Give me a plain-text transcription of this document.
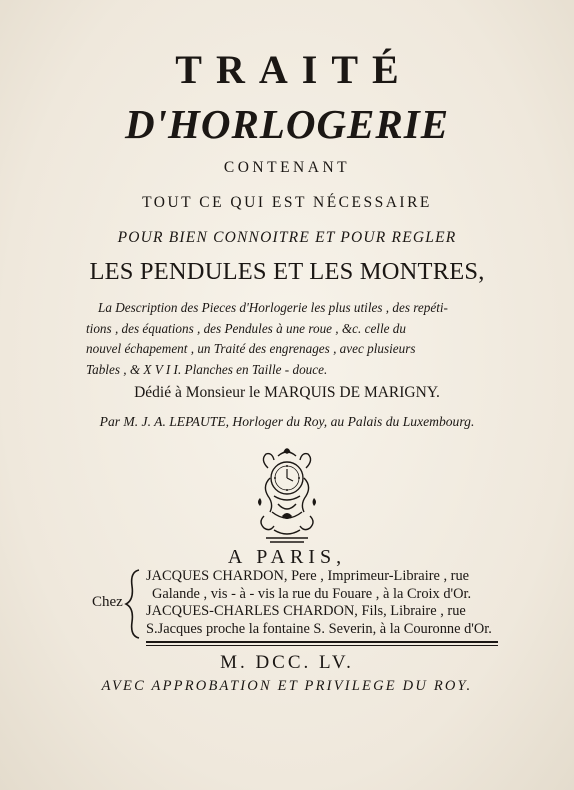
TRAITÉ
D'HORLOGERIE
CONTENANT
TOUT CE QUI EST NÉCESSAIRE
POUR BIEN CONNOITRE ET POUR REGLER
LES PENDULES ET LES MONTRES,
La Description des Pieces d'Horlogerie les plus utiles , des repéti-
tions , des équations , des Pendules à une roue , &c. celle du
nouvel échapement , un Traité des engrenages , avec plusieurs
Tables , & X V I I. Planches en Taille - douce.
Dédié à Monsieur le MARQUIS DE MARIGNY.
Par M. J. A. LEPAUTE, Horloger du Roy, au Palais du Luxembourg.
A PARIS,
Chez
JACQUES CHARDON, Pere , Imprimeur-Libraire , rue
Galande , vis - à - vis la rue du Fouare , à la Croix d'Or.
JACQUES-CHARLES CHARDON, Fils, Libraire , rue
S.Jacques proche la fontaine S. Severin, à la Couronne d'Or.
M. DCC. LV.
AVEC APPROBATION ET PRIVILEGE DU ROY.
